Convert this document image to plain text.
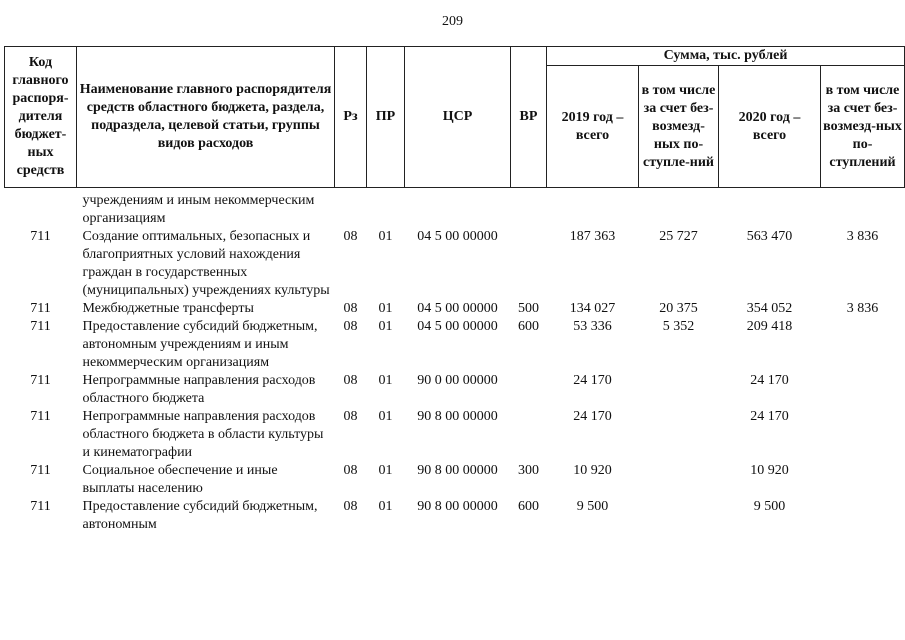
209
Код главного распоря-дителя бюджет-ных средств	Наименование главного распорядителя средств областного бюджета, раздела, подраздела, целевой статьи, группы видов расходов	Рз	ПР	ЦСР	ВР	Сумма, тыс. рублей			
						2019 год – всего	в том числе за счет без-возмезд-ных по-ступле-ний	2020 год – всего	в том числе за счет без-возмезд-ных по-ступлений

	учреждениям и иным некоммерческим организациям								
711	Создание оптимальных, безопасных и благоприятных условий нахождения граждан в государственных (муниципальных) учреждениях культуры	08	01	04 5 00 00000		187 363	25 727	563 470	3 836
711	Межбюджетные трансферты	08	01	04 5 00 00000	500	134 027	20 375	354 052	3 836
711	Предоставление субсидий бюджетным, автономным учреждениям и иным некоммерческим организациям	08	01	04 5 00 00000	600	53 336	5 352	209 418	
711	Непрограммные направления расходов областного бюджета	08	01	90 0 00 00000		24 170		24 170	
711	Непрограммные направления расходов областного бюджета в области культуры и кинематографии	08	01	90 8 00 00000		24 170		24 170	
711	Социальное обеспечение и иные выплаты населению	08	01	90 8 00 00000	300	10 920		10 920	
711	Предоставление субсидий бюджетным, автономным	08	01	90 8 00 00000	600	9 500		9 500	
